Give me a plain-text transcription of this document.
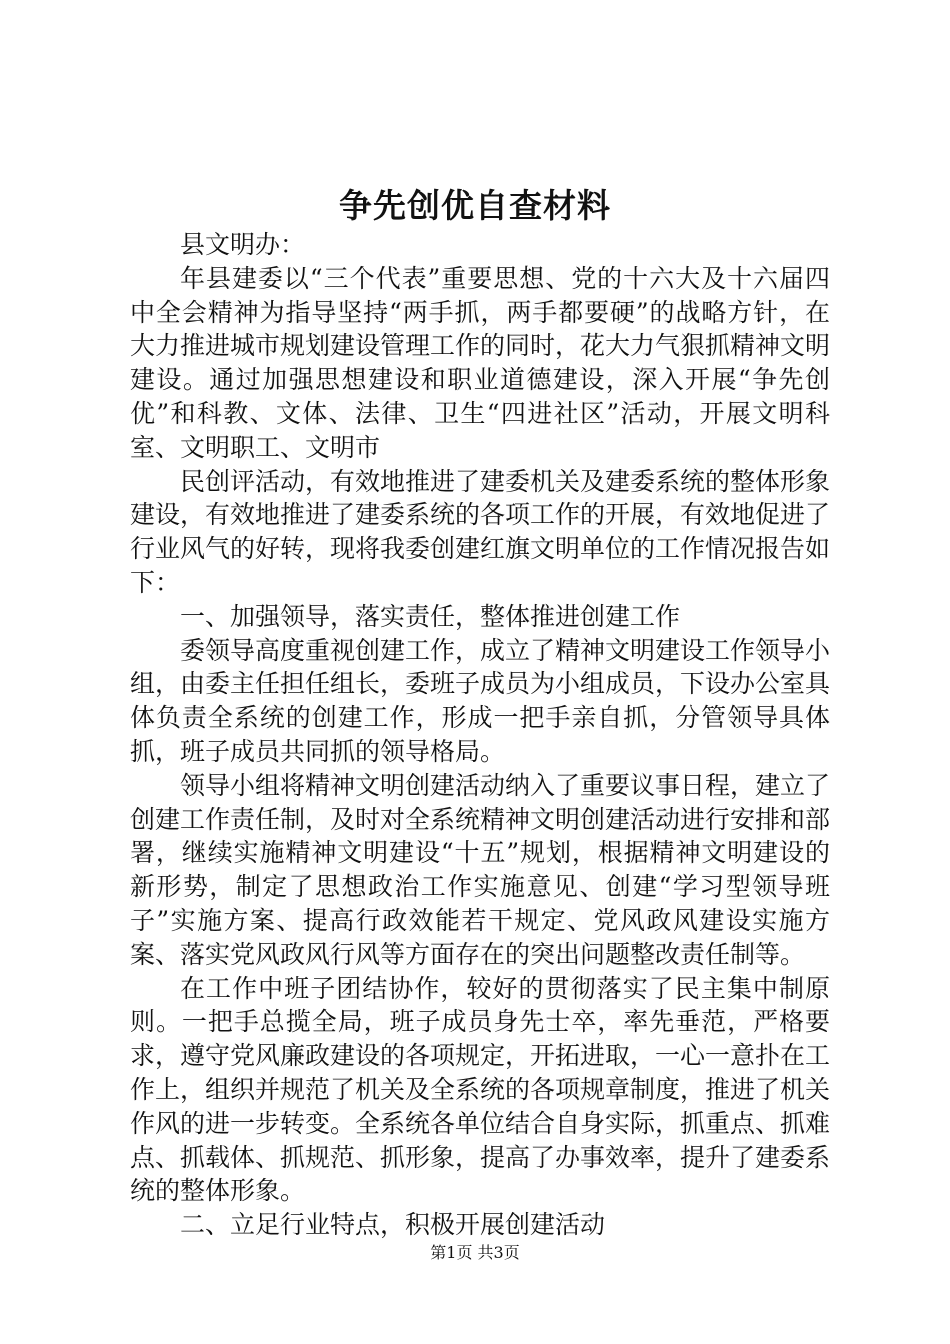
争先创优自查材料

县文明办：

年县建委以“三个代表”重要思想、党的十六大及十六届四中全会精神为指导坚持“两手抓，两手都要硬”的战略方针，在大力推进城市规划建设管理工作的同时，花大力气狠抓精神文明建设。通过加强思想建设和职业道德建设，深入开展“争先创优”和科教、文体、法律、卫生“四进社区”活动，开展文明科室、文明职工、文明市

民创评活动，有效地推进了建委机关及建委系统的整体形象建设，有效地推进了建委系统的各项工作的开展，有效地促进了行业风气的好转，现将我委创建红旗文明单位的工作情况报告如下：

一、加强领导，落实责任，整体推进创建工作

委领导高度重视创建工作，成立了精神文明建设工作领导小组，由委主任担任组长，委班子成员为小组成员，下设办公室具体负责全系统的创建工作，形成一把手亲自抓，分管领导具体抓，班子成员共同抓的领导格局。

领导小组将精神文明创建活动纳入了重要议事日程，建立了创建工作责任制，及时对全系统精神文明创建活动进行安排和部署，继续实施精神文明建设“十五”规划，根据精神文明建设的新形势，制定了思想政治工作实施意见、创建“学习型领导班子”实施方案、提高行政效能若干规定、党风政风建设实施方案、落实党风政风行风等方面存在的突出问题整改责任制等。

在工作中班子团结协作，较好的贯彻落实了民主集中制原则。一把手总揽全局，班子成员身先士卒，率先垂范，严格要求，遵守党风廉政建设的各项规定，开拓进取，一心一意扑在工作上，组织并规范了机关及全系统的各项规章制度，推进了机关作风的进一步转变。全系统各单位结合自身实际，抓重点、抓难点、抓载体、抓规范、抓形象，提高了办事效率，提升了建委系统的整体形象。

二、立足行业特点，积极开展创建活动

第1页 共3页
